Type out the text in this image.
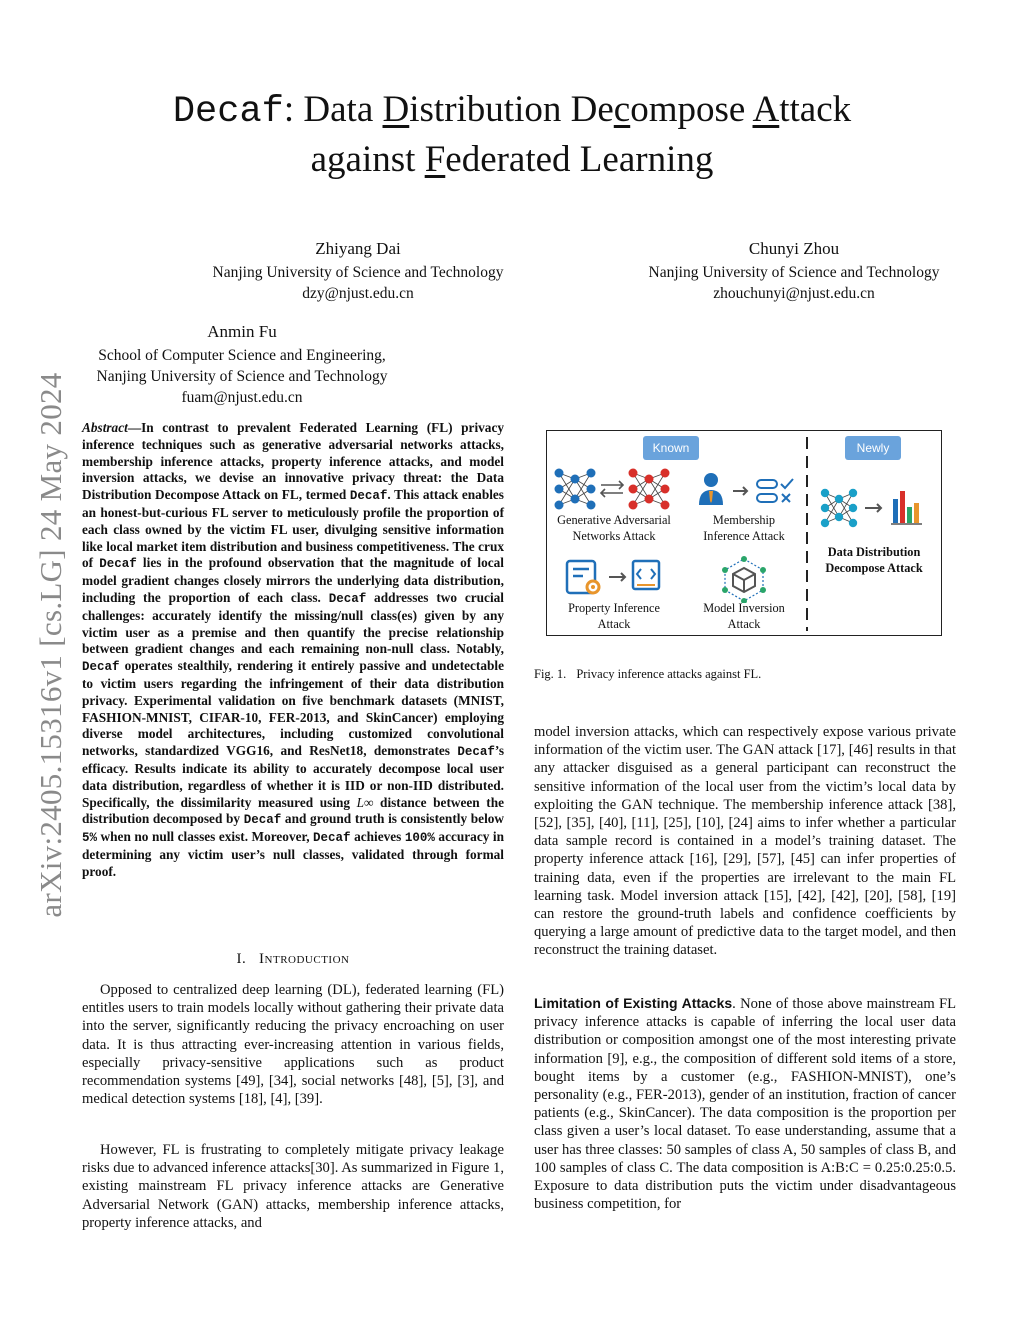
Decaf: Data Distribution Decompose Attack
against Federated Learning
Zhiyang Dai
Nanjing University of Science and Technology
dzy@njust.edu.cn
Chunyi Zhou
Nanjing University of Science and Technology
zhouchunyi@njust.edu.cn
Anmin Fu
School of Computer Science and Engineering,
Nanjing University of Science and Technology
fuam@njust.edu.cn
arXiv:2405.15316v1 [cs.LG] 24 May 2024 Abstract—In contrast to prevalent Federated Learning (FL) privacy inference techniques such as generative adversarial networks attacks, membership inference attacks, property inference attacks, and model inversion attacks, we devise an innovative privacy threat: the Data Distribution Decompose Attack on FL, termed Decaf. This attack enables an honest-but-curious FL server to meticulously profile the proportion of each class owned by the victim FL user, divulging sensitive information like local market item distribution and business competitiveness. The crux of Decaf lies in the profound observation that the magnitude of local model gradient changes closely mirrors the underlying data distribution, including the proportion of each class. Decaf addresses two crucial challenges: accurately identify the missing/null class(es) given by any victim user as a premise and then quantify the precise relationship between gradient changes and each remaining non-null class. Notably, Decaf operates stealthily, rendering it entirely passive and undetectable to victim users regarding the infringement of their data distribution privacy. Experimental validation on five benchmark datasets (MNIST, FASHION-MNIST, CIFAR-10, FER-2013, and SkinCancer) employing diverse model architectures, including customized convolutional networks, standardized VGG16, and ResNet18, demonstrates Decaf’s efficacy. Results indicate its ability to accurately decompose local user data distribution, regardless of whether it is IID or non-IID distributed. Specifically, the dissimilarity measured using L∞ distance between the distribution decomposed by Decaf and ground truth is consistently below 5% when no null classes exist. Moreover, Decaf achieves 100% accuracy in determining any victim user’s null classes, validated through formal proof.
I. Introduction
Opposed to centralized deep learning (DL), federated learning (FL) entitles users to train models locally without gathering their private data into the server, significantly reducing the privacy encroaching on user data. It is thus attracting ever-increasing attention in various fields, especially privacy-sensitive applications such as product recommendation systems [49], [34], social networks [48], [5], [3], and medical detection systems [18], [4], [39].
However, FL is frustrating to completely mitigate privacy leakage risks due to advanced inference attacks[30]. As summarized in Figure 1, existing mainstream FL privacy inference attacks are Generative Adversarial Network (GAN) attacks, membership inference attacks, property inference attacks, and
model inversion attacks, which can respectively expose various private information of the victim user. The GAN attack [17], [46] results in that any attacker disguised as a general participant can reconstruct the sensitive information of the local user from the victim’s local data by exploiting the GAN technique. The membership inference attack [38], [52], [35], [40], [11], [25], [10], [24] aims to infer whether a particular data sample record is contained in a model’s training dataset. The property inference attack [16], [29], [57], [45] can infer properties of training data, even if the properties are irrelevant to the main FL learning task. Model inversion attack [15], [42], [42], [20], [58], [19] can restore the ground-truth labels and confidence coefficients by querying a large amount of predictive data to the target model, and then reconstruct the training dataset.
Limitation of Existing Attacks. None of those above mainstream FL privacy inference attacks is capable of inferring the local user data distribution or composition amongst one of the most interesting private information [9], e.g., the composition of different sold items of a store, bought items by a customer (e.g., FASHION-MNIST), one’s personality (e.g., FER-2013), gender of an institution, fraction of cancer patients (e.g., SkinCancer). The data composition is the proportion per class given a user’s local dataset. To ease understanding, assume that a user has three classes: 50 samples of class A, 50 samples of class B, and 100 samples of class C. The data composition is A:B:C = 0.25:0.25:0.5. Exposure to data distribution puts the victim under disadvantageous business competition, for
Known	Newly
Generative Adversarial
Networks Attack
Membership
Inference Attack
Property Inference
Attack
Model Inversion
Attack
Data Distribution
Decompose Attack
Fig. 1. Privacy inference attacks against FL.
